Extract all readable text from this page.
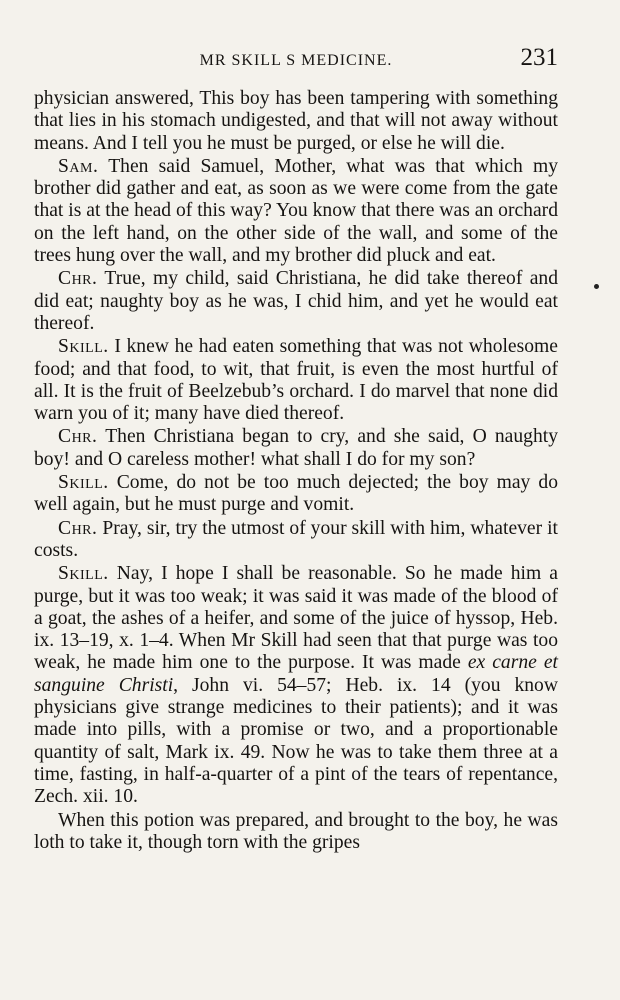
MR SKILL S MEDICINE.	231

physician answered, This boy has been tampering with something that lies in his stomach undigested, and that will not away without means. And I tell you he must be purged, or else he will die.

Sam. Then said Samuel, Mother, what was that which my brother did gather and eat, as soon as we were come from the gate that is at the head of this way? You know that there was an orchard on the left hand, on the other side of the wall, and some of the trees hung over the wall, and my brother did pluck and eat.

Chr. True, my child, said Christiana, he did take thereof and did eat; naughty boy as he was, I chid him, and yet he would eat thereof.

Skill. I knew he had eaten something that was not wholesome food; and that food, to wit, that fruit, is even the most hurtful of all. It is the fruit of Beelzebub’s orchard. I do marvel that none did warn you of it; many have died thereof.

Chr. Then Christiana began to cry, and she said, O naughty boy! and O careless mother! what shall I do for my son?

Skill. Come, do not be too much dejected; the boy may do well again, but he must purge and vomit.

Chr. Pray, sir, try the utmost of your skill with him, whatever it costs.

Skill. Nay, I hope I shall be reasonable. So he made him a purge, but it was too weak; it was said it was made of the blood of a goat, the ashes of a heifer, and some of the juice of hyssop, Heb. ix. 13–19, x. 1–4. When Mr Skill had seen that that purge was too weak, he made him one to the purpose. It was made ex carne et sanguine Christi, John vi. 54–57; Heb. ix. 14 (you know physicians give strange medicines to their patients); and it was made into pills, with a promise or two, and a proportionable quantity of salt, Mark ix. 49. Now he was to take them three at a time, fasting, in half-a-quarter of a pint of the tears of repentance, Zech. xii. 10.

When this potion was prepared, and brought to the boy, he was loth to take it, though torn with the gripes
